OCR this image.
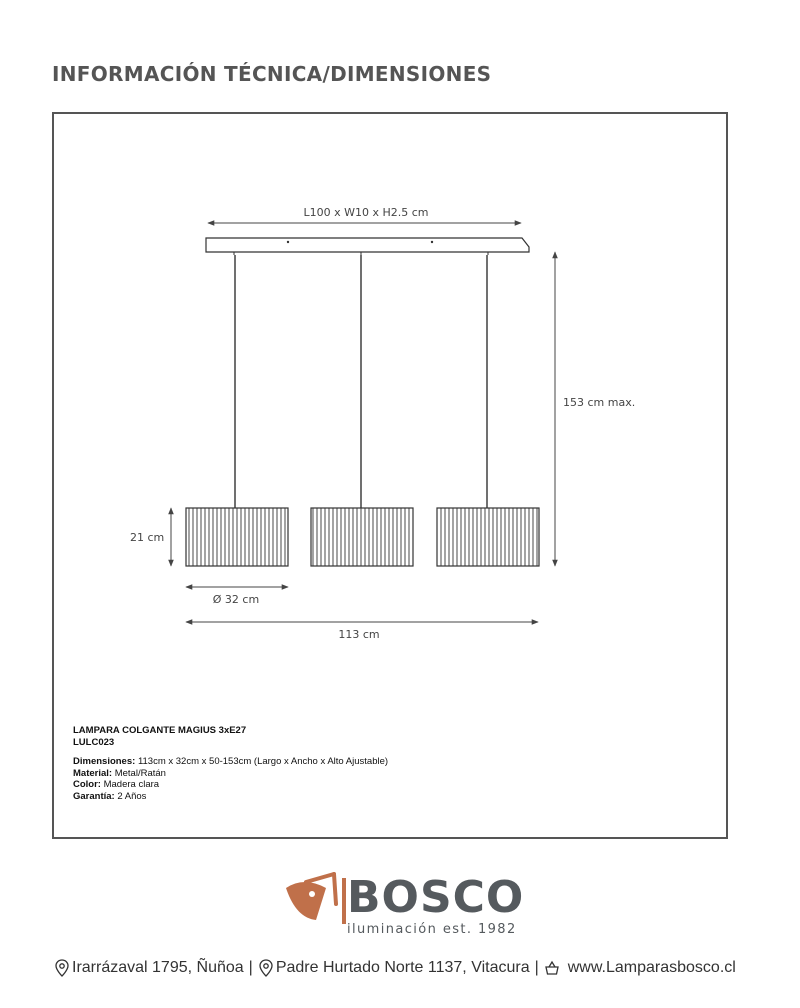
INFORMACIÓN TÉCNICA/DIMENSIONES
L100 x W10 x H2.5 cm
153 cm max.
21 cm
Ø 32 cm
113 cm
LAMPARA COLGANTE MAGIUS 3xE27
LULC023
Dimensiones: 113cm x 32cm x 50-153cm (Largo x Ancho x Alto Ajustable)
Material: Metal/Ratán
Color: Madera clara
Garantía: 2 Años
BOSCO
iluminación est. 1982
Irarrázaval 1795, Ñuñoa | Padre Hurtado Norte 1137, Vitacura | www.Lamparasbosco.cl
